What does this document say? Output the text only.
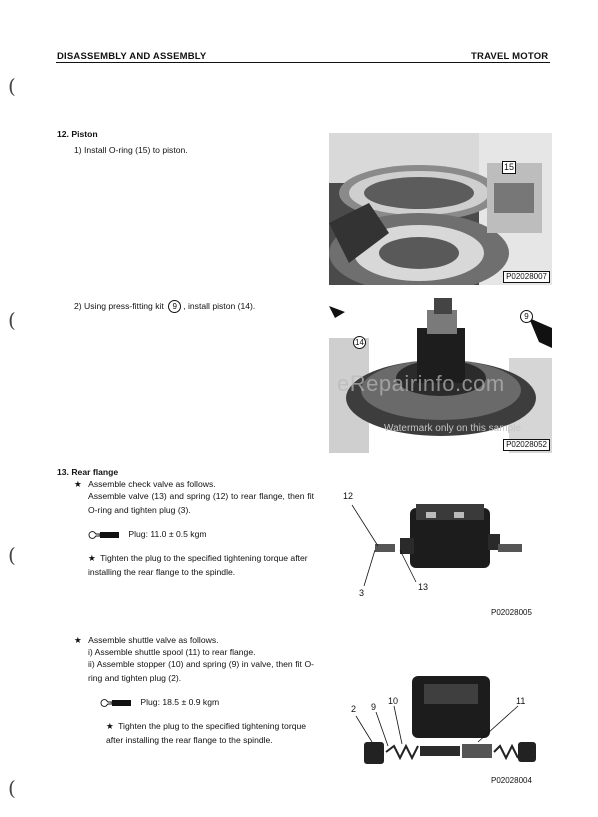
(
(
(
(
DISASSEMBLY AND ASSEMBLY	TRAVEL MOTOR
12. Piston
1) Install O-ring (15) to piston.
15
P02028007
2) Using press-fitting kit 9 , install piston (14).
9
14
P02028052
eRepairinfo.com
Watermark only on this sample
13. Rear flange
★ Assemble check valve as follows.
Assemble valve (13) and spring (12) to rear flange, then fit O-ring and tighten plug (3).
Plug: 11.0 ± 0.5 kgm
★ Tighten the plug to the specified tightening torque after installing the rear flange to the spindle.
12
3
13
P02028005
★ Assemble shuttle valve as follows.
i) Assemble shuttle spool (11) to rear flange.
ii) Assemble stopper (10) and spring (9) in valve, then fit O-ring and tighten plug (2).
Plug: 18.5 ± 0.9 kgm
★ Tighten the plug to the specified tightening torque after installing the rear flange to the spindle.
2 9
10	11
P02028004
